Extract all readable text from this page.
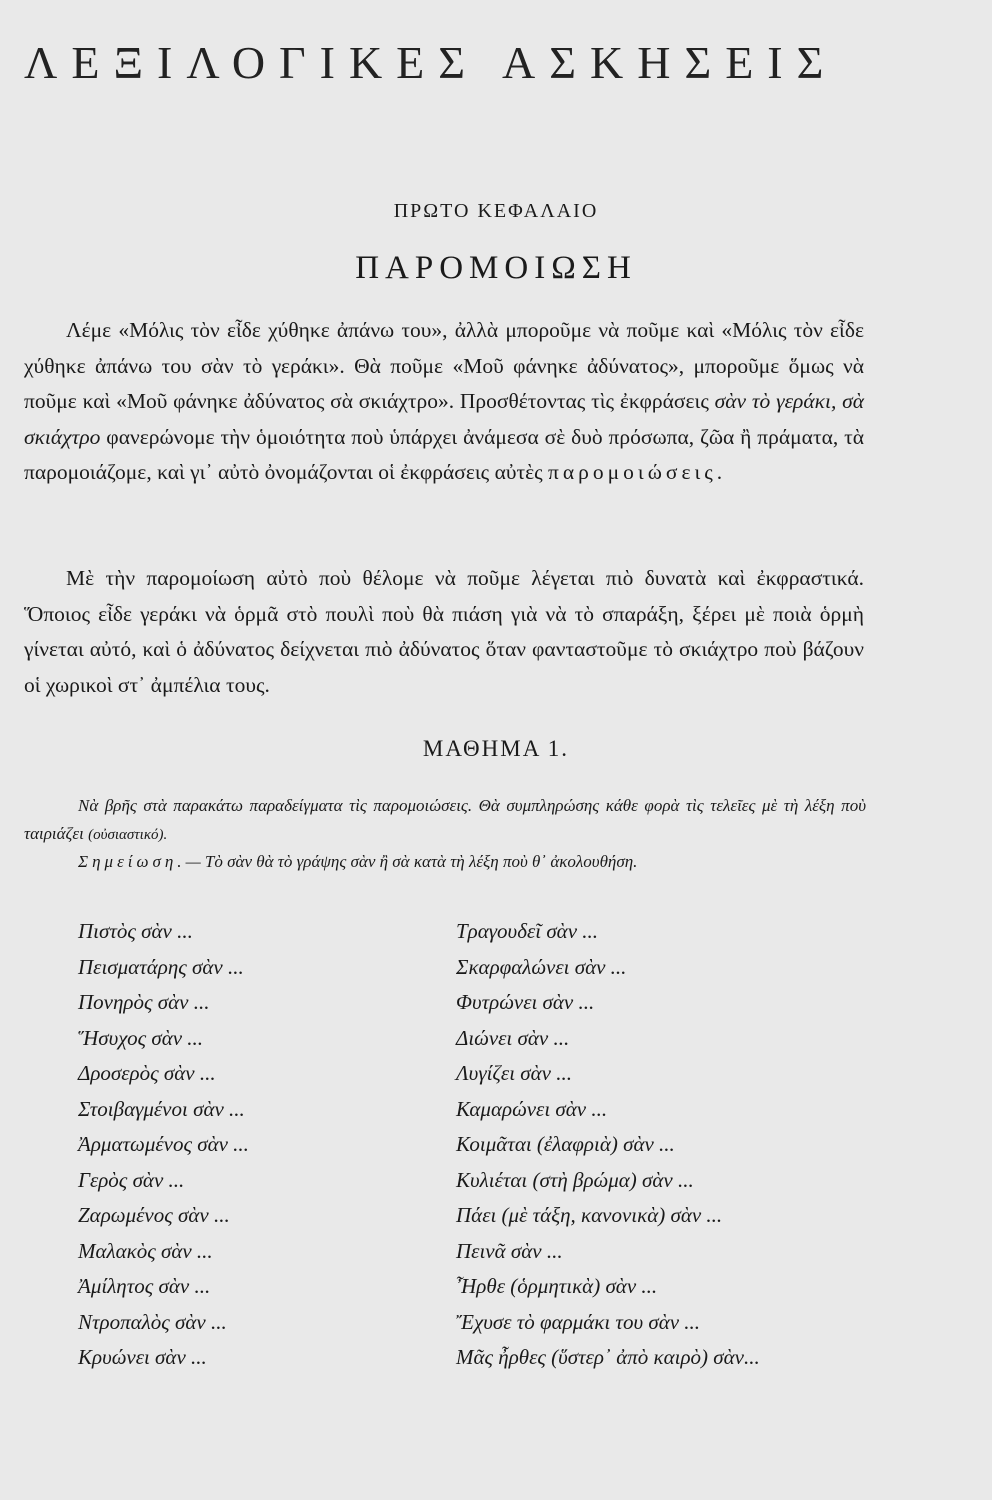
ΛΕΞΙΛΟΓΙΚΕΣ ΑΣΚΗΣΕΙΣ
ΠΡΩΤΟ ΚΕΦΑΛΑΙΟ
ΠΑΡΟΜΟΙΩΣΗ

Λέμε «Μόλις τὸν εἶδε χύθηκε ἀπάνω του», ἀλλὰ μποροῦμε νὰ ποῦμε καὶ «Μόλις τὸν εἶδε χύθηκε ἀπάνω του σὰν τὸ γεράκι». Θὰ ποῦμε «Μοῦ φάνηκε ἀδύνατος», μποροῦμε ὅμως νὰ ποῦμε καὶ «Μοῦ φάνηκε ἀδύνατος σὰ σκιάχτρο». Προσθέτοντας τὶς ἐκφράσεις σὰν τὸ γεράκι, σὰ σκιάχτρο φανερώνομε τὴν ὁμοιότητα ποὺ ὑπάρχει ἀνάμεσα σὲ δυὸ πρόσωπα, ζῶα ἢ πράματα, τὰ παρομοιάζομε, καὶ γι᾿ αὐτὸ ὀνομάζονται οἱ ἐκφράσεις αὐτὲς παρομοιώσεις.

Μὲ τὴν παρομοίωση αὐτὸ ποὺ θέλομε νὰ ποῦμε λέγεται πιὸ δυνατὰ καὶ ἐκφραστικά. Ὅποιος εἶδε γεράκι νὰ ὁρμᾶ στὸ πουλὶ ποὺ θὰ πιάση γιὰ νὰ τὸ σπαράξη, ξέρει μὲ ποιὰ ὁρμὴ γίνεται αὐτό, καὶ ὁ ἀδύνατος δείχνεται πιὸ ἀδύνατος ὅταν φανταστοῦμε τὸ σκιάχτρο ποὺ βάζουν οἱ χωρικοὶ στ᾿ ἀμπέλια τους.

ΜΑΘΗΜΑ 1.

Νὰ βρῆς στὰ παρακάτω παραδείγματα τὶς παρομοιώσεις. Θὰ συμπληρώσης κάθε φορὰ τὶς τελεῖες μὲ τὴ λέξη ποὺ ταιριάζει (οὐσιαστικό).

Σημείωση.— Τὸ σὰν θὰ τὸ γράψης σὰν ἢ σὰ κατὰ τὴ λέξη ποὺ θ᾿ ἀκολουθήση.

Πιστὸς σὰν ...
Πεισματάρης σὰν ...
Πονηρὸς σὰν ...
Ἥσυχος σὰν ...
Δροσερὸς σὰν ...
Στοιβαγμένοι σὰν ...
Ἀρματωμένος σὰν ...
Γερὸς σὰν ...
Ζαρωμένος σὰν ...
Μαλακὸς σὰν ...
Ἀμίλητος σὰν ...
Ντροπαλὸς σὰν ...
Κρυώνει σὰν ...
Τραγουδεῖ σὰν ...
Σκαρφαλώνει σὰν ...
Φυτρώνει σὰν ...
Διώνει σὰν ...
Λυγίζει σὰν ...
Καμαρώνει σὰν ...
Κοιμᾶται (ἐλαφριὰ) σὰν ...
Κυλιέται (στὴ βρώμα) σὰν ...
Πάει (μὲ τάξη, κανονικὰ) σὰν ...
Πεινᾶ σὰν ...
Ἦρθε (ὁρμητικὰ) σὰν ...
Ἔχυσε τὸ φαρμάκι του σὰν ...
Μᾶς ἦρθες (ὕστερ᾿ ἀπὸ καιρὸ) σὰν...
